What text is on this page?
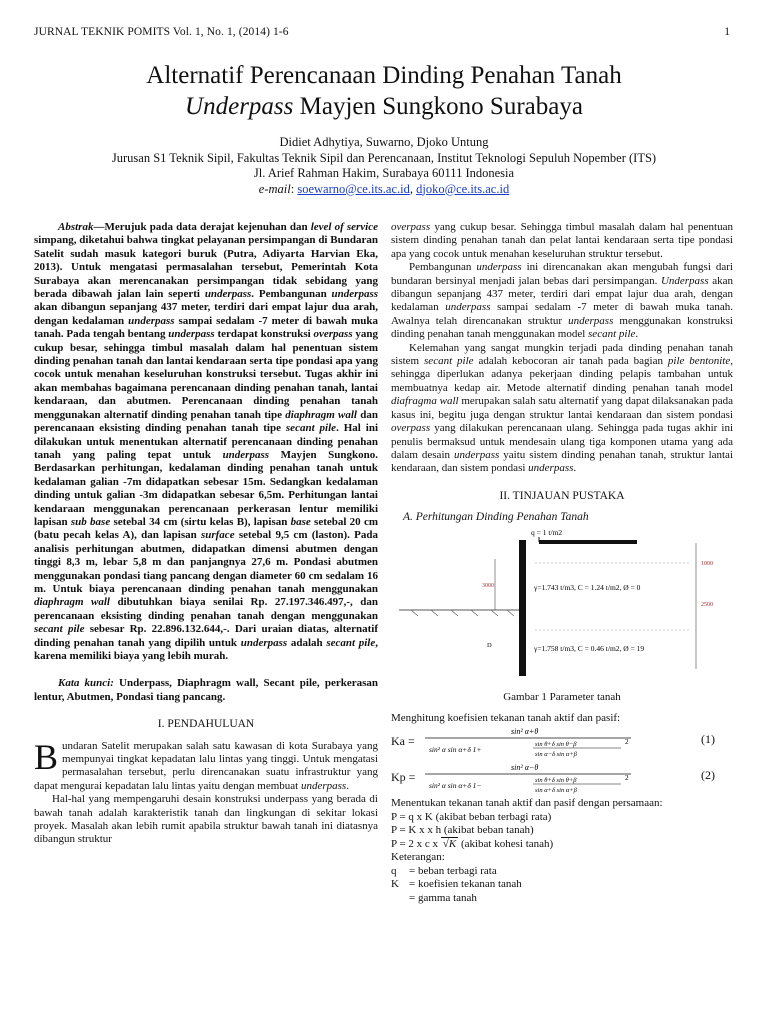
JURNAL TEKNIK POMITS Vol. 1, No. 1, (2014) 1-6	1
Alternatif Perencanaan Dinding Penahan Tanah
Underpass Mayjen Sungkono Surabaya
Didiet Adhytiya, Suwarno, Djoko Untung
Jurusan S1 Teknik Sipil, Fakultas Teknik Sipil dan Perencanaan, Institut Teknologi Sepuluh Nopember (ITS)
Jl. Arief Rahman Hakim, Surabaya 60111 Indonesia
e-mail: soewarno@ce.its.ac.id, djoko@ce.its.ac.id

Abstrak—Merujuk pada data derajat kejenuhan dan level of service simpang, diketahui bahwa tingkat pelayanan persimpangan di Bundaran Satelit sudah masuk kategori buruk (Putra, Adiyarta Harvian Eka, 2013). Untuk mengatasi permasalahan tersebut, Pemerintah Kota Surabaya akan merencanakan persimpangan tidak sebidang yang berada dibawah jalan lain seperti underpass. Pembangunan underpass akan dibangun sepanjang 437 meter, terdiri dari empat lajur dua arah, dengan kedalaman underpass sampai sedalam -7 meter di bawah muka tanah. Pada tengah bentang underpass terdapat konstruksi overpass yang cukup besar, sehingga timbul masalah dalam hal penentuan sistem dinding penahan tanah dan lantai kendaraan serta tipe pondasi apa yang cocok untuk menahan keseluruhan konstruksi tersebut. Tugas akhir ini akan membahas bagaimana perencanaan dinding penahan tanah, lantai kendaraan, dan abutmen. Perencanaan dinding penahan tanah menggunakan alternatif dinding penahan tanah tipe diaphragm wall dan perencanaan eksisting dinding penahan tanah tipe secant pile. Hal ini dilakukan untuk menentukan alternatif perencanaan dinding penahan tanah yang paling tepat untuk underpass Mayjen Sungkono. Berdasarkan perhitungan, kedalaman dinding penahan tanah untuk kedalaman galian -7m didapatkan sebesar 15m. Sedangkan kedalaman dinding untuk galian -3m didapatkan sebesar 6,5m. Perhitungan lantai kendaraan menggunakan perencanaan perkerasan lentur memiliki lapisan sub base setebal 34 cm (sirtu kelas B), lapisan base setebal 20 cm (batu pecah kelas A), dan lapisan surface setebal 9,5 cm (laston). Pada analisis perhitungan abutmen, didapatkan dimensi abutmen dengan tinggi 8,3 m, lebar 5,8 m dan panjangnya 27,6 m. Pondasi abutmen menggunakan pondasi tiang pancang dengan diameter 60 cm sedalam 16 m. Untuk biaya perencanaan dinding penahan tanah menggunakan diaphragm wall dibutuhkan biaya senilai Rp. 27.197.346.497,-, dan perencanaan eksisting dinding penahan tanah dengan menggunakan secant pile sebesar Rp. 22.896.132.644,-. Dari uraian diatas, alternatif dinding penahan tanah yang dipilih untuk underpass adalah secant pile, karena memiliki biaya yang lebih murah.

Kata kunci: Underpass, Diaphragm wall, Secant pile, perkerasan lentur, Abutmen, Pondasi tiang pancang.

I. PENDAHULUAN

Bundaran Satelit merupakan salah satu kawasan di kota Surabaya yang mempunyai tingkat kepadatan lalu lintas yang tinggi. Untuk mengatasi permasalahan tersebut, perlu direncanakan suatu infrastruktur yang dapat mengurai kepadatan lalu lintas yaitu dengan membuat underpass.

Hal-hal yang mempengaruhi desain konstruksi underpass yang berada di bawah tanah adalah karakteristik tanah dan lingkungan di sekitar lokasi proyek. Masalah akan lebih rumit apabila struktur bawah tanah ini diatasnya dibangun struktur

overpass yang cukup besar. Sehingga timbul masalah dalam hal penentuan sistem dinding penahan tanah dan pelat lantai kendaraan serta tipe pondasi apa yang cocok untuk menahan keseluruhan struktur tersebut.

Pembangunan underpass ini direncanakan akan mengubah fungsi dari bundaran bersinyal menjadi jalan bebas dari persimpangan. Underpass akan dibangun sepanjang 437 meter, terdiri dari empat lajur dua arah, dengan kedalaman underpass sampai sedalam -7 meter di bawah muka tanah. Awalnya telah direncanakan struktur underpass menggunakan konstruksi dinding penahan tanah menggunakan model secant pile.

Kelemahan yang sangat mungkin terjadi pada dinding penahan tanah sistem secant pile adalah kebocoran air tanah pada bagian pile bentonite, sehingga diperlukan adanya pekerjaan dinding pelapis tambahan untuk membuatnya kedap air. Metode alternatif dinding penahan tanah model diafragma wall merupakan salah satu alternatif yang dapat dilaksanakan pada kasus ini, begitu juga dengan struktur lantai kendaraan dan sistem pondasi overpass yang dilakukan perencanaan ulang. Sehingga pada tugas akhir ini penulis bermaksud untuk mendesain ulang tiga komponen utama yang ada dalam desain underpass yaitu sistem dinding penahan tanah, struktur lantai kendaraan, dan sistem pondasi underpass.

II. TINJAUAN PUSTAKA
A. Perhitungan Dinding Penahan Tanah
q = 1 t/m2
3000
D
1000
2500
γ=1.743 t/m3, C = 1.24 t/m2, Ø = 0
γ=1.758 t/m3, C = 0.46 t/m2, Ø = 19
Gambar 1 Parameter tanah

Menghitung koefisien tekanan tanah aktif dan pasif:

Ka =
sin² α+θ
sin² α sin α+δ 1+
sin θ+δ sin θ−β
sin α−δ sin α+β
2	(1)
Kp =
sin² α−θ
sin² α sin α+δ 1−
sin θ+δ sin θ+β
sin α+δ sin α+β
2	(2)

Menentukan tekanan tanah aktif dan pasif dengan persamaan:

P = q x K (akibat beban terbagi rata)
P = K x x h (akibat beban tanah)
P = 2 x c x √K (akibat kohesi tanah)
Keterangan:
q	= beban terbagi rata
K = koefisien tekanan tanah
= gamma tanah
